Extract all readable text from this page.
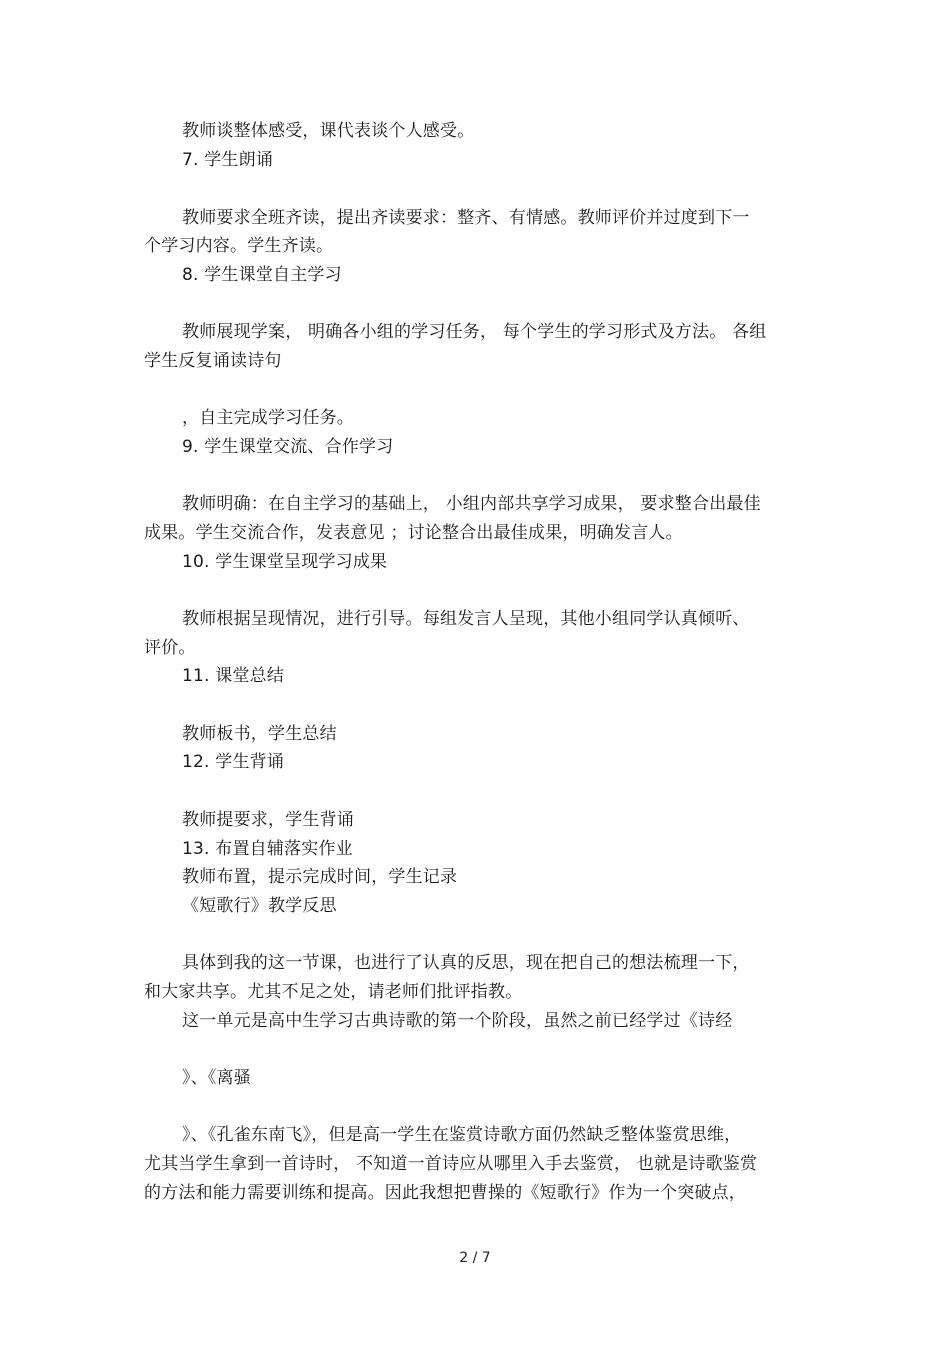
教师谈整体感受，课代表谈个人感受。
7. 学生朗诵
教师要求全班齐读，提出齐读要求：整齐、有情感。教师评价并过度到下一
个学习内容。学生齐读。
8. 学生课堂自主学习
教师展现学案， 明确各小组的学习任务， 每个学生的学习形式及方法。 各组
学生反复诵读诗句
，自主完成学习任务。
9. 学生课堂交流、合作学习
教师明确：在自主学习的基础上， 小组内部共享学习成果， 要求整合出最佳
成果。学生交流合作，发表意见 ；讨论整合出最佳成果，明确发言人。
10. 学生课堂呈现学习成果
教师根据呈现情况，进行引导。每组发言人呈现，其他小组同学认真倾听、
评价。
11. 课堂总结
教师板书，学生总结
12. 学生背诵
教师提要求，学生背诵
13. 布置自辅落实作业
教师布置，提示完成时间，学生记录
《短歌行》教学反思
具体到我的这一节课，也进行了认真的反思，现在把自己的想法梳理一下，
和大家共享。尤其不足之处，请老师们批评指教。
这一单元是高中生学习古典诗歌的第一个阶段，虽然之前已经学过《诗经
》、《离骚
》、《孔雀东南飞》，但是高一学生在鉴赏诗歌方面仍然缺乏整体鉴赏思维，
尤其当学生拿到一首诗时， 不知道一首诗应从哪里入手去鉴赏， 也就是诗歌鉴赏
的方法和能力需要训练和提高。因此我想把曹操的《短歌行》作为一个突破点，
2 / 7
